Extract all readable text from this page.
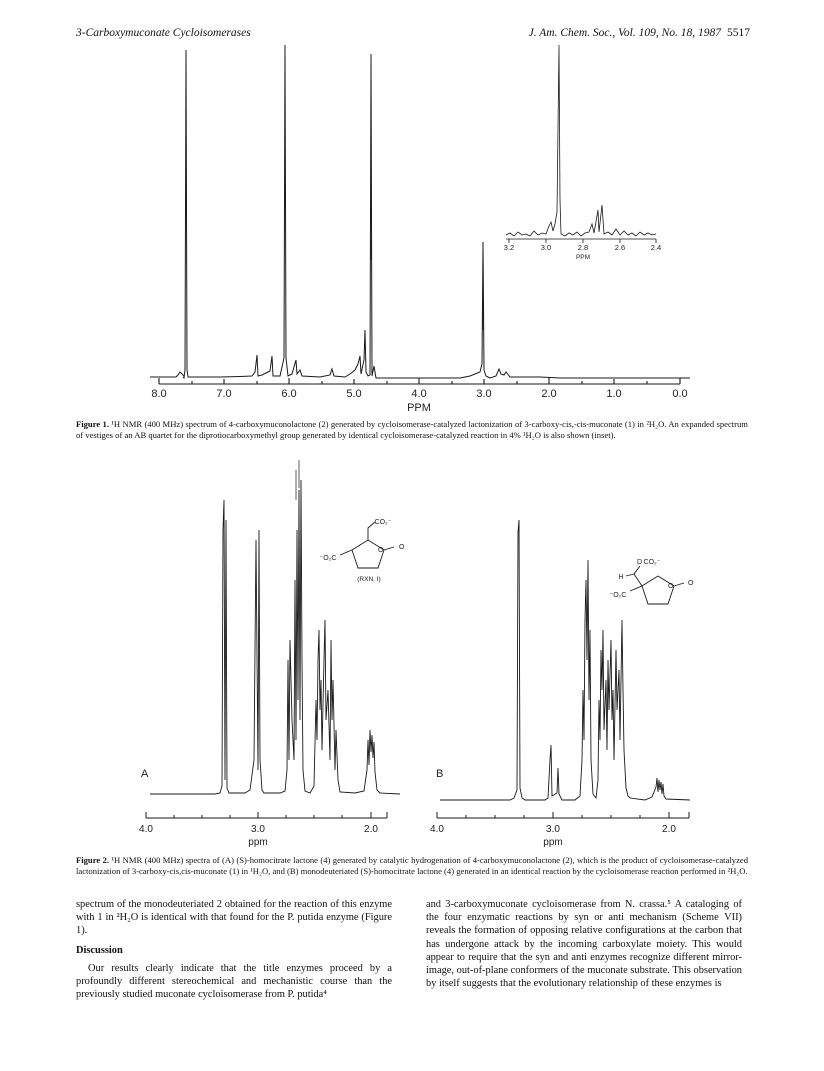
3-Carboxymuconate Cycloisomerases	J. Am. Chem. Soc., Vol. 109, No. 18, 1987 5517
3.2	3.0	2.8	2.6	2.4
PPM
8.0	7.0	6.0	5.0	4.0	3.0	2.0	1.0	0.0
PPM
Figure 1. ¹H NMR (400 MHz) spectrum of 4-carboxymuconolactone (2) generated by cycloisomerase-catalyzed lactonization of 3-carboxy-cis,-cis-muconate (1) in ²H₂O. An expanded spectrum of vestiges of an AB quartet for the diprotiocarboxymethyl group generated by identical cycloisomerase-catalyzed reaction in 4% ¹H₂O is also shown (inset).
4.0	3.0	2.0
ppm
A
(RXN. I)
CO₂⁻
O O
⁻O₂C
4.0	3.0	2.0
ppm
B
D CO₂⁻
H
O O
⁻O₂C
Figure 2. ¹H NMR (400 MHz) spectra of (A) (S)-homocitrate lactone (4) generated by catalytic hydrogenation of 4-carboxymuconolactone (2), which is the product of cycloisomerase-catalyzed lactonization of 3-carboxy-cis,cis-muconate (1) in ¹H₂O, and (B) monodeuteriated (S)-homocitrate lactone (4) generated in an identical reaction by the cycloisomerase reaction performed in ²H₂O.

spectrum of the monodeuteriated 2 obtained for the reaction of this enzyme with 1 in ²H₂O is identical with that found for the P. putida enzyme (Figure 1).

Discussion

Our results clearly indicate that the title enzymes proceed by a profoundly different stereochemical and mechanistic course than the previously studied muconate cycloisomerase from P. putida⁴

and 3-carboxymuconate cycloisomerase from N. crassa.⁵ A cataloging of the four enzymatic reactions by syn or anti mechanism (Scheme VII) reveals the formation of opposing relative configurations at the carbon that has undergone attack by the incoming carboxylate moiety. This would appear to require that the syn and anti enzymes recognize different mirror-image, out-of-plane conformers of the muconate substrate. This observation by itself suggests that the evolutionary relationship of these enzymes is
